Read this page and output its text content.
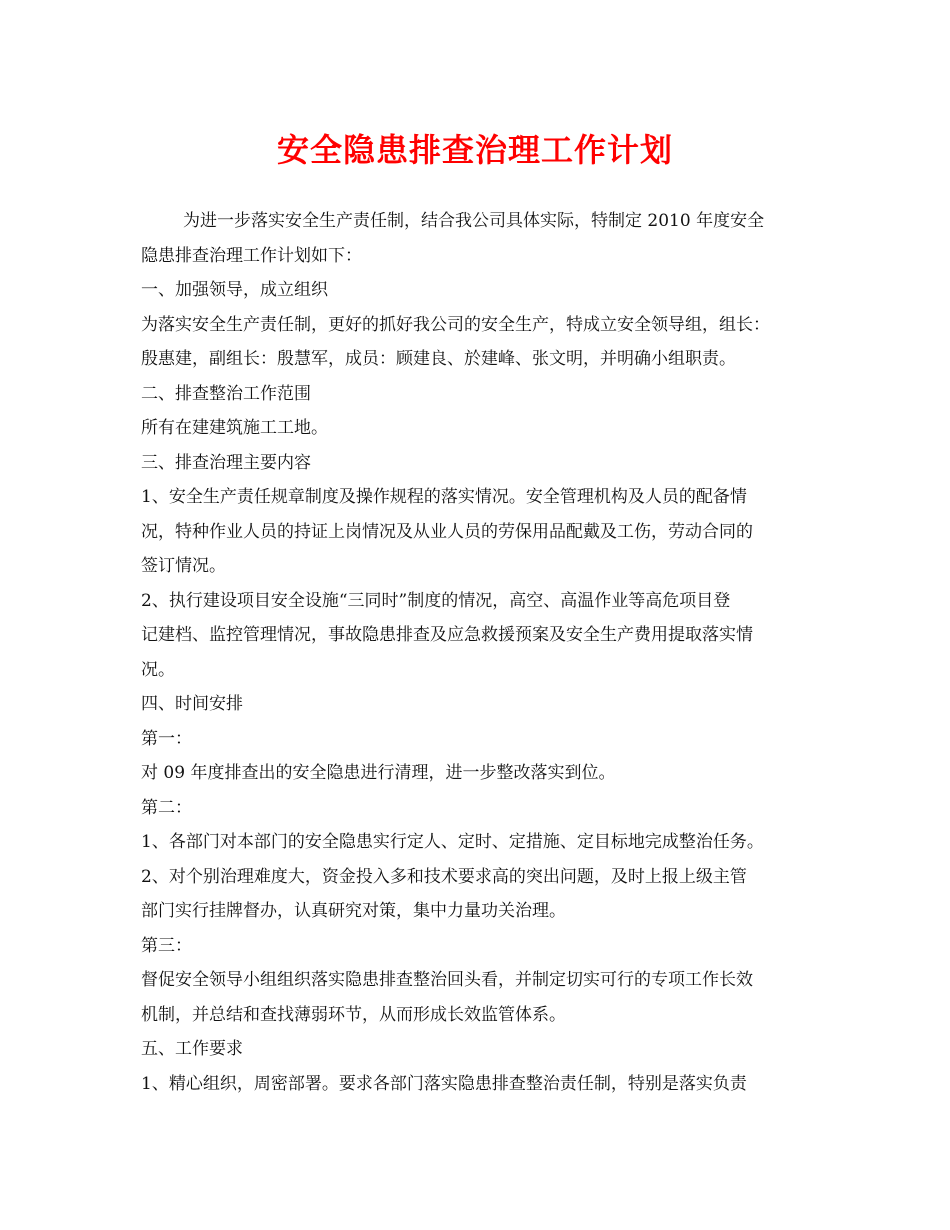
安全隐患排查治理工作计划

为进一步落实安全生产责任制，结合我公司具体实际，特制定 2010 年度安全

隐患排查治理工作计划如下：

一、加强领导，成立组织

为落实安全生产责任制，更好的抓好我公司的安全生产，特成立安全领导组，组长：

殷惠建，副组长：殷慧军，成员：顾建良、於建峰、张文明，并明确小组职责。

二、排查整治工作范围

所有在建建筑施工工地。

三、排查治理主要内容

1、安全生产责任规章制度及操作规程的落实情况。安全管理机构及人员的配备情

况，特种作业人员的持证上岗情况及从业人员的劳保用品配戴及工伤，劳动合同的

签订情况。

2、执行建设项目安全设施“三同时”制度的情况，高空、高温作业等高危项目登

记建档、监控管理情况，事故隐患排查及应急救援预案及安全生产费用提取落实情

况。

四、时间安排

第一：

对 09 年度排查出的安全隐患进行清理，进一步整改落实到位。

第二：

1、各部门对本部门的安全隐患实行定人、定时、定措施、定目标地完成整治任务。

2、对个别治理难度大，资金投入多和技术要求高的突出问题，及时上报上级主管

部门实行挂牌督办，认真研究对策，集中力量功关治理。

第三：

督促安全领导小组组织落实隐患排查整治回头看，并制定切实可行的专项工作长效

机制，并总结和查找薄弱环节，从而形成长效监管体系。

五、工作要求

1、精心组织，周密部署。要求各部门落实隐患排查整治责任制，特别是落实负责
